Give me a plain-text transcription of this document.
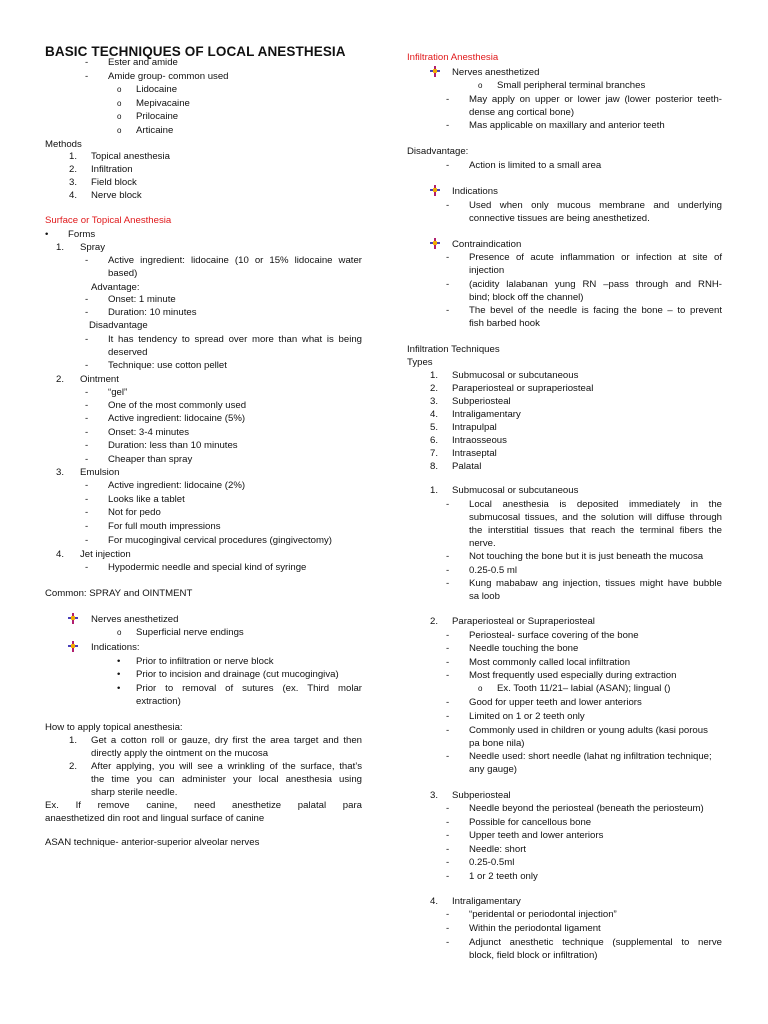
BASIC TECHNIQUES OF LOCAL ANESTHESIA
- Ester and amide
- Amide group- common used
o Lidocaine
o Mepivacaine
o Prilocaine
o Articaine
Methods
1. Topical anesthesia
2. Infiltration
3. Field block
4. Nerve block
Surface or Topical Anesthesia
• Forms
1. Spray
- Active ingredient: lidocaine (10 or 15% lidocaine water
based)
Advantage:
- Onset: 1 minute
- Duration: 10 minutes
Disadvantage
- It has tendency to spread over more than what is being
deserved
- Technique: use cotton pellet
2. Ointment
- “gel”
- One of the most commonly used
- Active ingredient: lidocaine (5%)
- Onset: 3-4 minutes
- Duration: less than 10 minutes
- Cheaper than spray
3. Emulsion
- Active ingredient: lidocaine (2%)
- Looks like a tablet
- Not for pedo
- For full mouth impressions
- For mucogingival cervical procedures (gingivectomy)
4. Jet injection
- Hypodermic needle and special kind of syringe
Common: SPRAY and OINTMENT
Nerves anesthetized
o Superficial nerve endings
Indications:
• Prior to infiltration or nerve block
• Prior to incision and drainage (cut mucogingiva)
• Prior to removal of sutures (ex. Third molar
extraction)
How to apply topical anesthesia:
1. Get a cotton roll or gauze, dry first the area target and then
directly apply the ointment on the mucosa
2. After applying, you will see a wrinkling of the surface, that’s
the time you can administer your local anesthesia using
sharp sterile needle.
Ex. If remove canine, need anesthetize palatal para
anaesthetized din root and lingual surface of canine
ASAN technique- anterior-superior alveolar nerves
Infiltration Anesthesia
Nerves anesthetized
o Small peripheral terminal branches
- May apply on upper or lower jaw (lower posterior teeth-
dense ang cortical bone)
- Mas applicable on maxillary and anterior teeth
Disadvantage:
- Action is limited to a small area
Indications
- Used when only mucous membrane and underlying
connective tissues are being anesthetized.
Contraindication
- Presence of acute inflammation or infection at site of
injection
- (acidity lalabanan yung RN –pass through and RNH-
bind; block off the channel)
- The bevel of the needle is facing the bone – to prevent
fish barbed hook
Infiltration Techniques
Types
1. Submucosal or subcutaneous
2. Paraperiosteal or supraperiosteal
3. Subperiosteal
4. Intraligamentary
5. Intrapulpal
6. Intraosseous
7. Intraseptal
8. Palatal
1. Submucosal or subcutaneous
- Local anesthesia is deposited immediately in the
submucosal tissues, and the solution will diffuse through
the interstitial tissues that reach the terminal fibers the
nerve.
- Not touching the bone but it is just beneath the mucosa
- 0.25-0.5 ml
- Kung mababaw ang injection, tissues might have bubble
sa loob
2. Paraperiosteal or Supraperiosteal
- Periosteal- surface covering of the bone
- Needle touching the bone
- Most commonly called local infiltration
- Most frequently used especially during extraction
o Ex. Tooth 11/21– labial (ASAN); lingual ()
- Good for upper teeth and lower anteriors
- Limited on 1 or 2 teeth only
- Commonly used in children or young adults (kasi porous
pa bone nila)
- Needle used: short needle (lahat ng infiltration technique;
any gauge)
3. Subperiosteal
- Needle beyond the periosteal (beneath the periosteum)
- Possible for cancellous bone
- Upper teeth and lower anteriors
- Needle: short
- 0.25-0.5ml
- 1 or 2 teeth only
4. Intraligamentary
- “peridental or periodontal injection”
- Within the periodontal ligament
- Adjunct anesthetic technique (supplemental to nerve
block, field block or infiltration)
